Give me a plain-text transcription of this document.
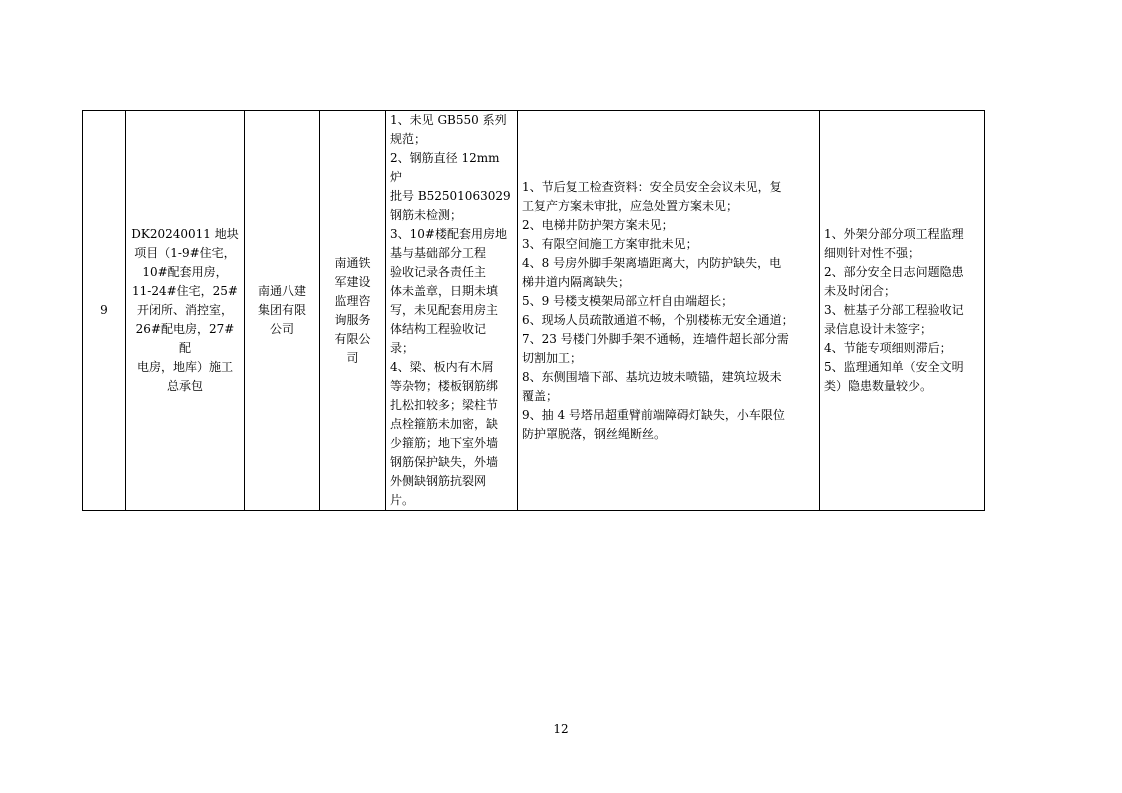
9	
DK20240011 地块
项目（1-9#住宅，
10#配套用房，
11-24#住宅，25#
开闭所、消控室，
26#配电房，27#配
电房，地库）施工
总承包

南通八建
集团有限
公司

南通铁
军建设
监理咨
询服务
有限公
司

1、未见 GB550 系列
规范；
2、钢筋直径 12mm 炉
批号 B52501063029
钢筋未检测；
3、10#楼配套用房地
基与基础部分工程
验收记录各责任主
体未盖章，日期未填
写，未见配套用房主
体结构工程验收记
录；
4、梁、板内有木屑
等杂物；楼板钢筋绑
扎松扣较多；梁柱节
点栓箍筋未加密，缺
少箍筋；地下室外墙
钢筋保护缺失，外墙
外侧缺钢筋抗裂网
片。

1、节后复工检查资料：安全员安全会议未见，复
工复产方案未审批，应急处置方案未见；
2、电梯井防护架方案未见；
3、有限空间施工方案审批未见；
4、8 号房外脚手架离墙距离大，内防护缺失，电
梯井道内隔离缺失；
5、9 号楼支模架局部立杆自由端超长；
6、现场人员疏散通道不畅，个别楼栋无安全通道；
7、23 号楼门外脚手架不通畅，连墙件超长部分需
切割加工；
8、东侧围墙下部、基坑边坡未喷锚，建筑垃圾未
覆盖；
9、抽 4 号塔吊超重臂前端障碍灯缺失，小车限位
防护罩脱落，钢丝绳断丝。

1、外架分部分项工程监理
细则针对性不强；
2、部分安全日志问题隐患
未及时闭合；
3、桩基子分部工程验收记
录信息设计未签字；
4、节能专项细则滞后；
5、监理通知单（安全文明
类）隐患数量较少。
12
